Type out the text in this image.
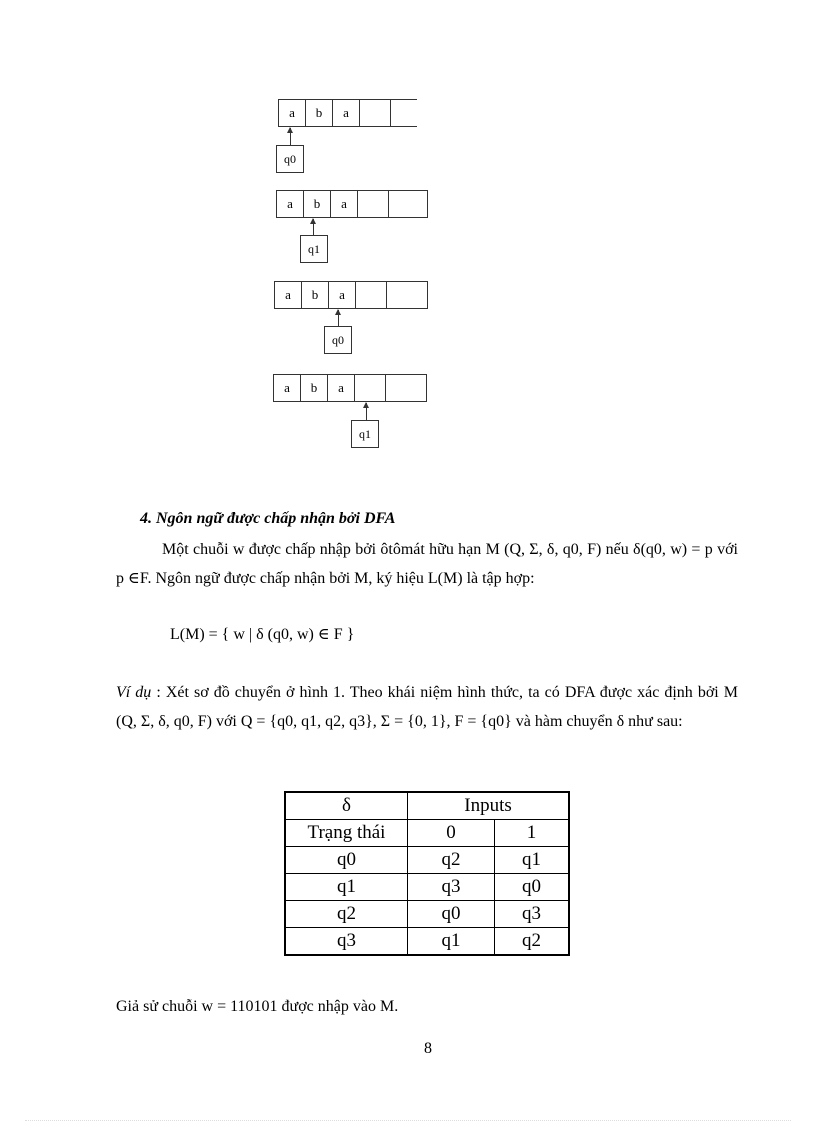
a	b	a
q0
a	b	a
q1
a	b	a
q0
a	b	a
q1
4. Ngôn ngữ được chấp nhận bởi DFA
Một chuỗi w được chấp nhập bởi ôtômát hữu hạn M (Q, Σ, δ, q0, F) nếu δ(q0, w) = p với p ∈F. Ngôn ngữ được chấp nhận bởi M, ký hiệu L(M) là tập hợp:
L(M) = { w | δ (q0, w) ∈ F }
Ví dụ : Xét sơ đồ chuyển ở hình 1. Theo khái niệm hình thức, ta có DFA được xác định bởi M (Q, Σ, δ, q0, F) với Q = {q0, q1, q2, q3}, Σ = {0, 1}, F = {q0} và hàm chuyển δ như sau:
δ	Inputs	
Trạng thái	0	1
q0	q2	q1
q1	q3	q0
q2	q0	q3
q3	q1	q2
Giả sử chuỗi w = 110101 được nhập vào M.
8
